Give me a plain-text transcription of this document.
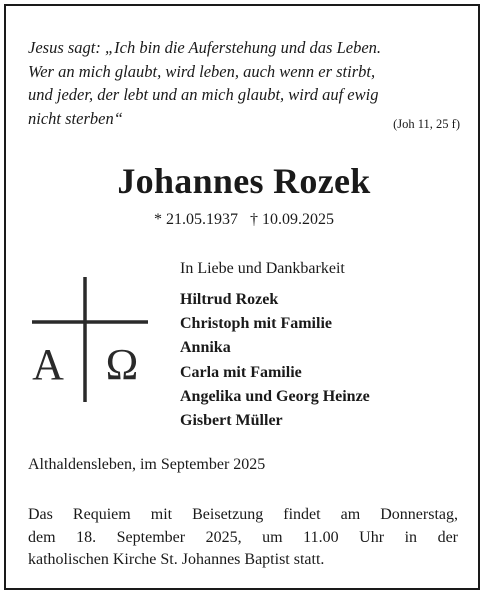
Jesus sagt: „Ich bin die Auferstehung und das Leben.
Wer an mich glaubt, wird leben, auch wenn er stirbt,
und jeder, der lebt und an mich glaubt, wird auf ewig
nicht sterben“	(Joh 11, 25 f)
Johannes Rozek
* 21.05.1937   † 10.09.2025
A Ω
In Liebe und Dankbarkeit
Hiltrud Rozek
Christoph mit Familie
Annika
Carla mit Familie
Angelika und Georg Heinze
Gisbert Müller
Althaldensleben, im September 2025

Das Requiem mit Beisetzung findet am Donnerstag,
dem 18. September 2025, um 11.00 Uhr in der
katholischen Kirche St. Johannes Baptist statt.
